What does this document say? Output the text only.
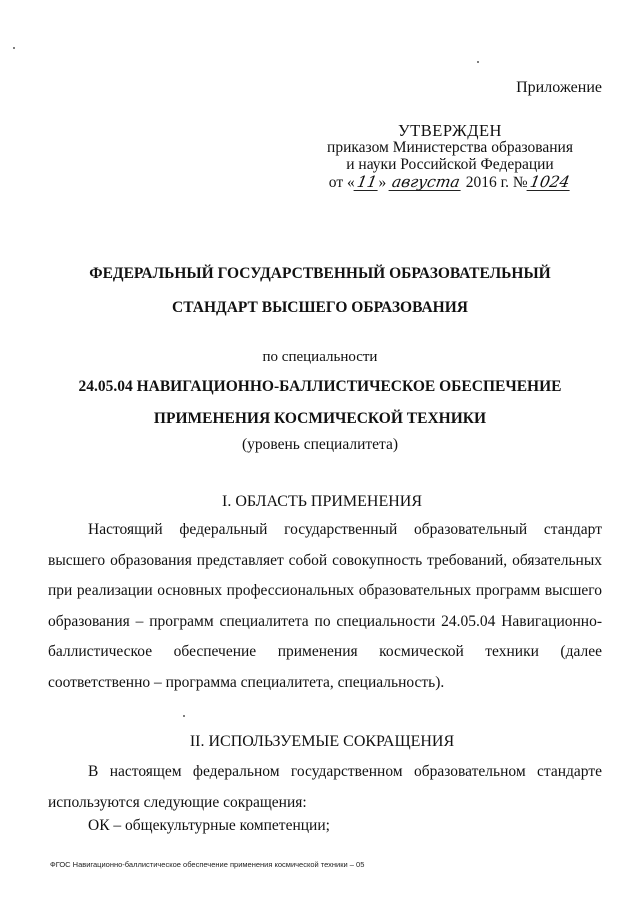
Приложение
УТВЕРЖДЕН
приказом Министерства образования
и науки Российской Федерации
от «11» августа 2016 г. №1024
ФЕДЕРАЛЬНЫЙ ГОСУДАРСТВЕННЫЙ ОБРАЗОВАТЕЛЬНЫЙ
СТАНДАРТ ВЫСШЕГО ОБРАЗОВАНИЯ
по специальности
24.05.04 НАВИГАЦИОННО-БАЛЛИСТИЧЕСКОЕ ОБЕСПЕЧЕНИЕ
ПРИМЕНЕНИЯ КОСМИЧЕСКОЙ ТЕХНИКИ
(уровень специалитета)
I. ОБЛАСТЬ ПРИМЕНЕНИЯ
Настоящий федеральный государственный образовательный стандарт
высшего образования представляет собой совокупность требований, обязательных
при реализации основных профессиональных образовательных программ высшего
образования – программ специалитета по специальности 24.05.04 Навигационно-
баллистическое обеспечение применения космической техники (далее
соответственно – программа специалитета, специальность).
II. ИСПОЛЬЗУЕМЫЕ СОКРАЩЕНИЯ
В настоящем федеральном государственном образовательном стандарте
используются следующие сокращения:
ОК – общекультурные компетенции;
ФГОС Навигационно-баллистическое обеспечение применения космической техники – 05
